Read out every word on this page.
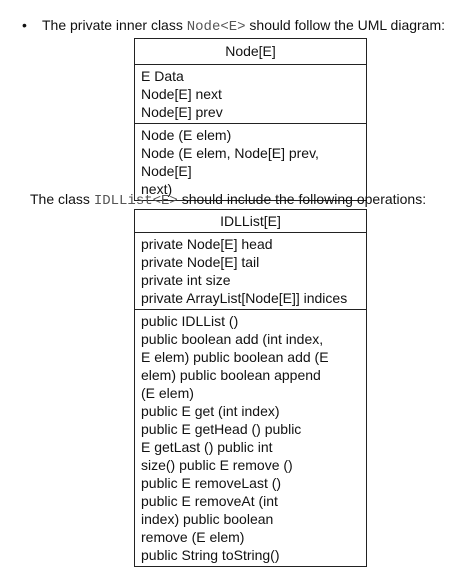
• The private inner class Node<E> should follow the UML diagram:
Node[E]
E Data
Node[E] next
Node[E] prev
Node (E elem)
Node (E elem, Node[E] prev, Node[E]
next)
The class IDLList<E> should include the following operations:
IDLList[E]
private Node[E] head
private Node[E] tail
private int size
private ArrayList[Node[E]] indices
public IDLList ()
public boolean add (int index,
E elem) public boolean add (E
elem) public boolean append
(E elem)
public E get (int index)
public E getHead () public
E getLast () public int
size() public E remove ()
public E removeLast ()
public E removeAt (int
index) public boolean
remove (E elem)
public String toString()
